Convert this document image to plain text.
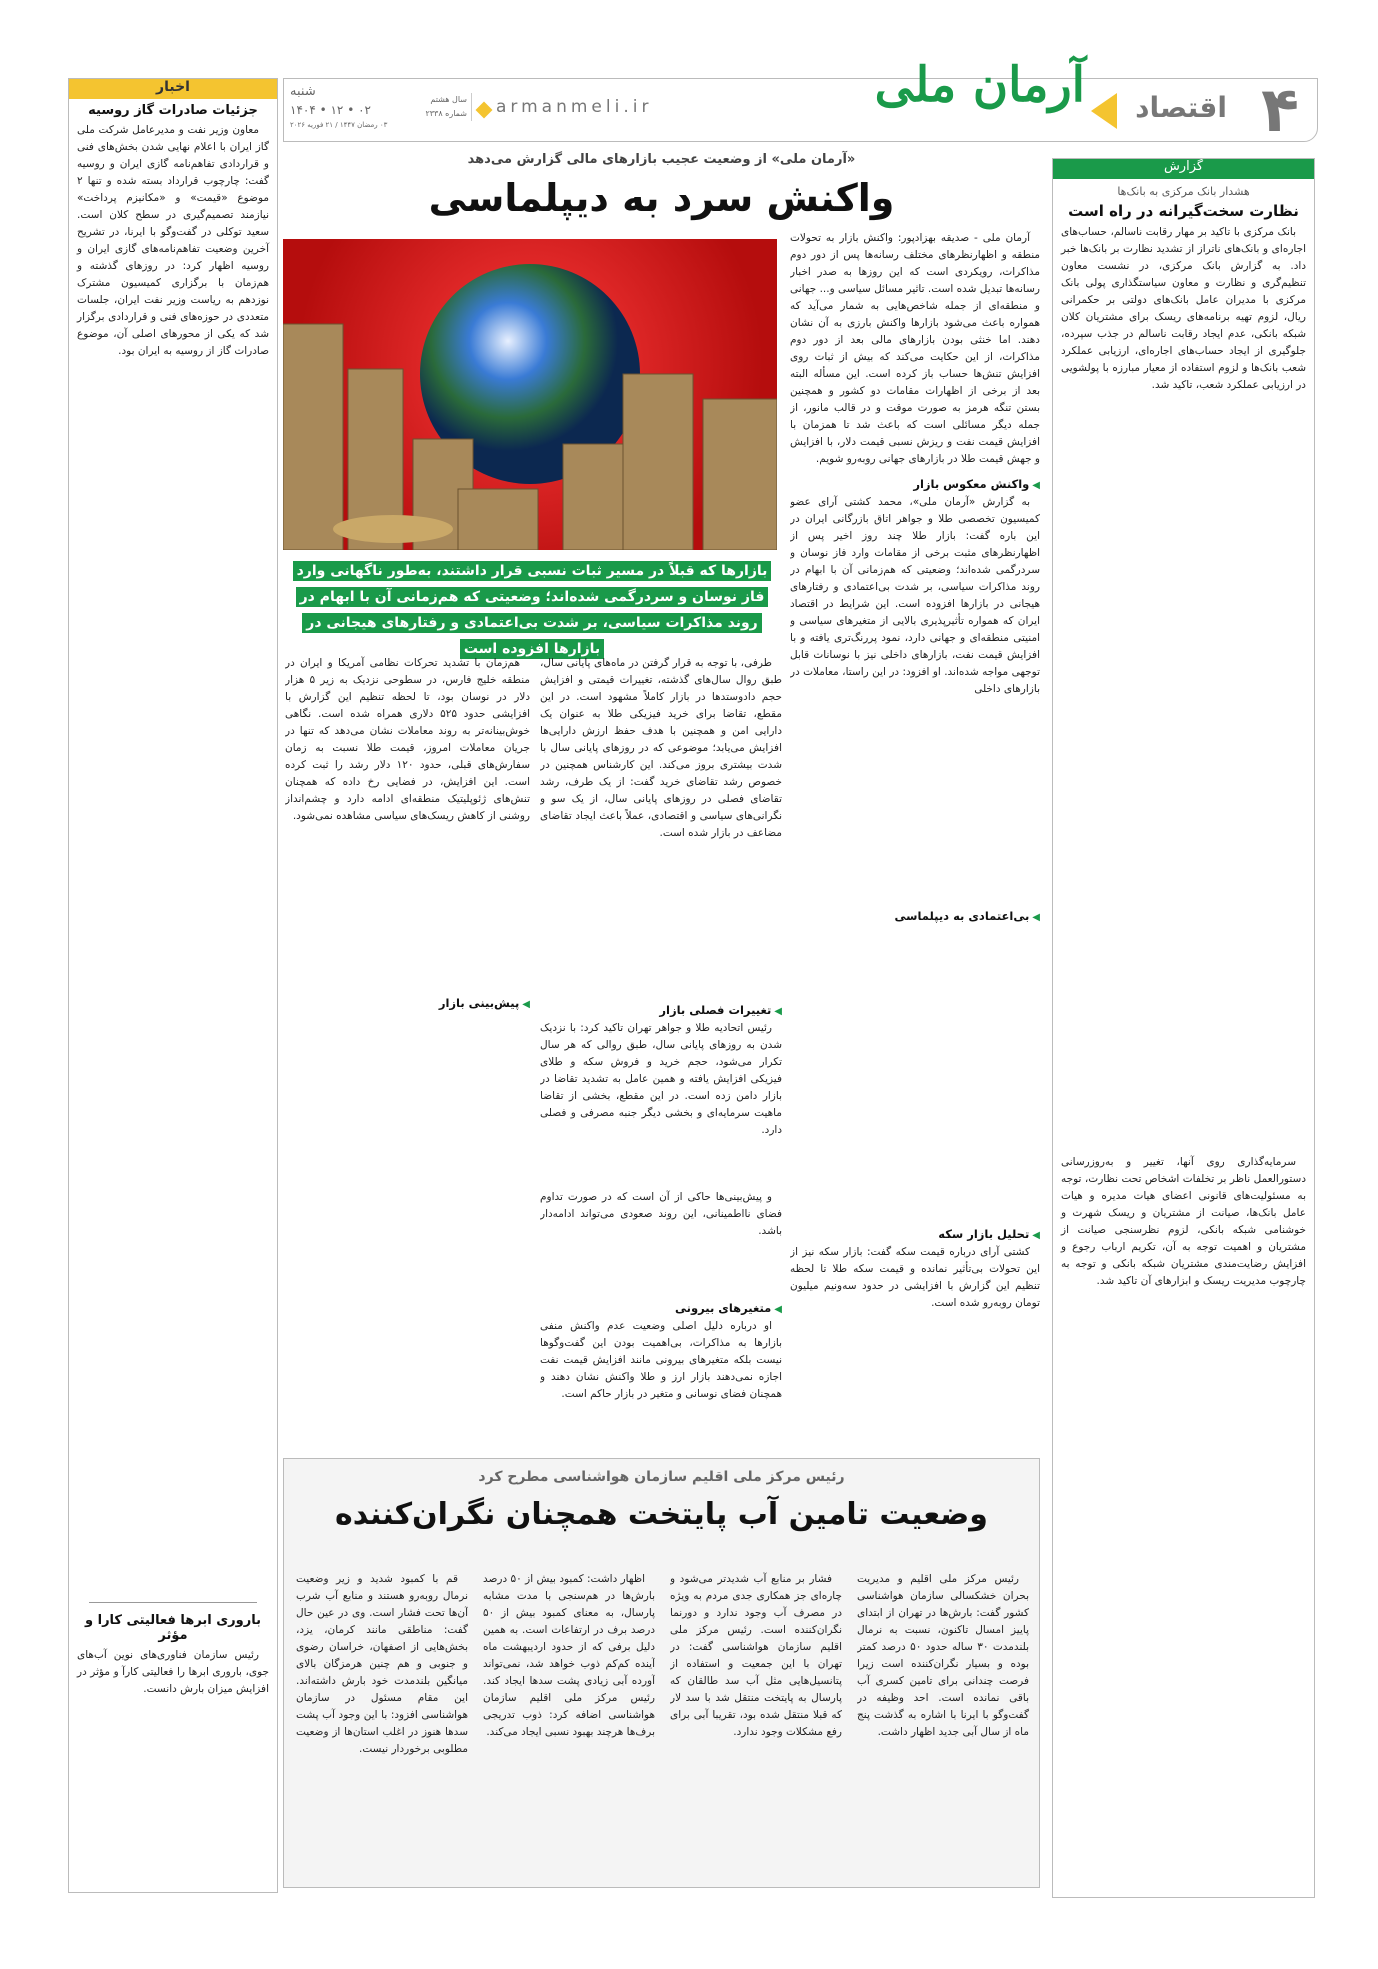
۴
اقتصاد
آرمان ملی
armanmeli.ir
سال هشتم
شماره ۲۳۳۸
شنبه
۱۴۰۴ • ۱۲ • ۰۲
۰۳ رمضان ۱۴۴۷ / ۲۱ فوریه ۲۰۲۶
اخبار
جزئیات صادرات گاز روسیه

معاون وزیر نفت و مدیرعامل شرکت ملی گاز ایران با اعلام نهایی شدن بخش‌های فنی و قراردادی تفاهم‌نامه گازی ایران و روسیه گفت: چارچوب قرارداد بسته شده و تنها ۲ موضوع «قیمت» و «مکانیزم پرداخت» نیازمند تصمیم‌گیری در سطح کلان است. سعید توکلی در گفت‌وگو با ایرنا، در تشریح آخرین وضعیت تفاهم‌نامه‌های گازی ایران و روسیه اظهار کرد: در روزهای گذشته و هم‌زمان با برگزاری کمیسیون مشترک نوزدهم به ریاست وزیر نفت ایران، جلسات متعددی در حوزه‌های فنی و قراردادی برگزار شد که یکی از محورهای اصلی آن، موضوع صادرات گاز از روسیه به ایران بود.

باروری ابرها فعالیتی کارا و مؤثر

رئیس سازمان فناوری‌های نوین آب‌های جوی، باروری ابرها را فعالیتی کارآ و مؤثر در افزایش میزان بارش دانست.

گزارش
هشدار بانک مرکزی به بانک‌ها
نظارت سخت‌گیرانه در راه است

بانک مرکزی با تاکید بر مهار رقابت ناسالم، حساب‌های اجاره‌ای و بانک‌های ناتراز از تشدید نظارت بر بانک‌ها خبر داد. به گزارش بانک مرکزی، در نشست معاون تنظیم‌گری و نظارت و معاون سیاستگذاری پولی بانک مرکزی با مدیران عامل بانک‌های دولتی بر حکمرانی ریال، لزوم تهیه برنامه‌های ریسک برای مشتریان کلان شبکه بانکی، عدم ایجاد رقابت ناسالم در جذب سپرده، جلوگیری از ایجاد حساب‌های اجاره‌ای، ارزیابی عملکرد شعب بانک‌ها و لزوم استفاده از معیار مبارزه با پولشویی در ارزیابی عملکرد شعب، تاکید شد.

سرمایه‌گذاری روی آنها، تغییر و به‌روزرسانی دستورالعمل ناظر بر تخلفات اشخاص تحت نظارت، توجه به مسئولیت‌های قانونی اعضای هیات مدیره و هیات عامل بانک‌ها، صیانت از مشتریان و ریسک شهرت و خوشنامی شبکه بانکی، لزوم نظرسنجی صیانت از مشتریان و اهمیت توجه به آن، تکریم ارباب رجوع و افزایش رضایت‌مندی مشتریان شبکه بانکی و توجه به چارچوب مدیریت ریسک و ابزارهای آن تاکید شد.

«آرمان ملی» از وضعیت عجیب بازارهای مالی گزارش می‌دهد
واکنش سرد به دیپلماسی
بازارها که قبلاً در مسیر ثبات نسبی قرار داشتند، به‌طور ناگهانی وارد فاز نوسان و سردرگمی شده‌اند؛ وضعیتی که هم‌زمانی آن با ابهام در روند مذاکرات سیاسی، بر شدت بی‌اعتمادی و رفتارهای هیجانی در بازارها افزوده است

آرمان ملی - صدیقه بهزادپور: واکنش بازار به تحولات منطقه و اظهارنظرهای مختلف رسانه‌ها پس از دور دوم مذاکرات، رویکردی است که این روزها به صدر اخبار رسانه‌ها تبدیل شده است. تاثیر مسائل سیاسی و... جهانی و منطقه‌ای از جمله شاخص‌هایی به شمار می‌آید که همواره باعث می‌شود بازارها واکنش بارزی به آن نشان دهند. اما خنثی بودن بازارهای مالی بعد از دور دوم مذاکرات، از این حکایت می‌کند که بیش از ثبات روی افزایش تنش‌ها حساب باز کرده است. این مسأله البته بعد از برخی از اظهارات مقامات دو کشور و همچنین بستن تنگه هرمز به صورت موقت و در قالب مانور، از جمله دیگر مسائلی است که باعث شد تا همزمان با افزایش قیمت نفت و ریزش نسبی قیمت دلار، با افزایش و جهش قیمت طلا در بازارهای جهانی روبه‌رو شویم.

◀واکنش معکوس بازار

به گزارش «آرمان ملی»، محمد کشتی آرای عضو کمیسیون تخصصی طلا و جواهر اتاق بازرگانی ایران در این باره گفت: بازار طلا چند روز اخیر پس از اظهارنظرهای مثبت برخی از مقامات وارد فاز نوسان و سردرگمی شده‌اند؛ وضعیتی که هم‌زمانی آن با ابهام در روند مذاکرات سیاسی، بر شدت بی‌اعتمادی و رفتارهای هیجانی در بازارها افزوده است. این شرایط در اقتصاد ایران که همواره تأثیرپذیری بالایی از متغیرهای سیاسی و امنیتی منطقه‌ای و جهانی دارد، نمود پررنگ‌تری یافته و با افزایش قیمت نفت، بازارهای داخلی نیز با نوسانات قابل توجهی مواجه شده‌اند. او افزود: در این راستا، معاملات در بازارهای داخلی

◀بی‌اعتمادی به دیپلماسی
◀تحلیل بازار سکه

کشتی آرای درباره قیمت سکه گفت: بازار سکه نیز از این تحولات بی‌تأثیر نمانده و قیمت سکه طلا تا لحظه تنظیم این گزارش با افزایشی در حدود سه‌ونیم میلیون تومان روبه‌رو شده است.

طرفی، با توجه به قرار گرفتن در ماه‌های پایانی سال، طبق روال سال‌های گذشته، تغییرات قیمتی و افزایش حجم دادوستدها در بازار کاملاً مشهود است. در این مقطع، تقاضا برای خرید فیزیکی طلا به عنوان یک دارایی امن و همچنین با هدف حفظ ارزش دارایی‌ها افزایش می‌یابد؛ موضوعی که در روزهای پایانی سال با شدت بیشتری بروز می‌کند. این کارشناس همچنین در خصوص رشد تقاضای خرید گفت: از یک طرف، رشد تقاضای فصلی در روزهای پایانی سال، از یک سو و نگرانی‌های سیاسی و اقتصادی، عملاً باعث ایجاد تقاضای مضاعف در بازار شده است.

◀تغییرات فصلی بازار

رئیس اتحادیه طلا و جواهر تهران تاکید کرد: با نزدیک شدن به روزهای پایانی سال، طبق روالی که هر سال تکرار می‌شود، حجم خرید و فروش سکه و طلای فیزیکی افزایش یافته و همین عامل به تشدید تقاضا در بازار دامن زده است. در این مقطع، بخشی از تقاضا ماهیت سرمایه‌ای و بخشی دیگر جنبه مصرفی و فصلی دارد.

و پیش‌بینی‌ها حاکی از آن است که در صورت تداوم فضای نااطمینانی، این روند صعودی می‌تواند ادامه‌دار باشد.

◀متغیرهای بیرونی

او درباره دلیل اصلی وضعیت عدم واکنش منفی بازارها به مذاکرات، بی‌اهمیت بودن این گفت‌وگوها نیست بلکه متغیرهای بیرونی مانند افزایش قیمت نفت اجازه نمی‌دهند بازار ارز و طلا واکنش نشان دهند و همچنان فضای نوسانی و متغیر در بازار حاکم است.

هم‌زمان با تشدید تحرکات نظامی آمریکا و ایران در منطقه خلیج فارس، در سطوحی نزدیک به زیر ۵ هزار دلار در نوسان بود، تا لحظه تنظیم این گزارش با افزایشی حدود ۵۲۵ دلاری همراه شده است. نگاهی خوش‌بینانه‌تر به روند معاملات نشان می‌دهد که تنها در جریان معاملات امروز، قیمت طلا نسبت به زمان سفارش‌های قبلی، حدود ۱۲۰ دلار رشد را ثبت کرده است. این افزایش، در فضایی رخ داده که همچنان تنش‌های ژئوپلیتیک منطقه‌ای ادامه دارد و چشم‌انداز روشنی از کاهش ریسک‌های سیاسی مشاهده نمی‌شود.

◀پیش‌بینی بازار
رئیس مرکز ملی اقلیم سازمان هواشناسی مطرح کرد
وضعیت تامین آب پایتخت همچنان نگران‌کننده

رئیس مرکز ملی اقلیم و مدیریت بحران خشکسالی سازمان هواشناسی کشور گفت: بارش‌ها در تهران از ابتدای پاییز امسال تاکنون، نسبت به نرمال بلندمدت ۳۰ ساله حدود ۵۰ درصد کمتر بوده و بسیار نگران‌کننده است زیرا فرصت چندانی برای تامین کسری آب باقی نمانده است. احد وظیفه در گفت‌وگو با ایرنا با اشاره به گذشت پنج ماه از سال آبی جدید اظهار داشت.

فشار بر منابع آب شدیدتر می‌شود و چاره‌ای جز همکاری جدی مردم به ویژه در مصرف آب وجود ندارد و دورنما نگران‌کننده است. رئیس مرکز ملی اقلیم سازمان هواشناسی گفت: در تهران با این جمعیت و استفاده از پتانسیل‌هایی مثل آب سد طالقان که پارسال به پایتخت منتقل شد با سد لار که قبلا منتقل شده بود، تقریبا آبی برای رفع مشکلات وجود ندارد.

اظهار داشت: کمبود بیش از ۵۰ درصد بارش‌ها در هم‌سنجی با مدت مشابه پارسال، به معنای کمبود بیش از ۵۰ درصد برف در ارتفاعات است. به همین دلیل برفی که از حدود اردیبهشت ماه آینده کم‌کم ذوب خواهد شد، نمی‌تواند آورده آبی زیادی پشت سدها ایجاد کند. رئیس مرکز ملی اقلیم سازمان هواشناسی اضافه کرد: ذوب تدریجی برف‌ها هرچند بهبود نسبی ایجاد می‌کند.

قم با کمبود شدید و زیر وضعیت نرمال روبه‌رو هستند و منابع آب شرب آن‌ها تحت فشار است. وی در عین حال گفت: مناطقی مانند کرمان، یزد، بخش‌هایی از اصفهان، خراسان رضوی و جنوبی و هم چنین هرمزگان بالای میانگین بلندمدت خود بارش داشته‌اند. این مقام مسئول در سازمان هواشناسی افزود: با این وجود آب پشت سدها هنوز در اغلب استان‌ها از وضعیت مطلوبی برخوردار نیست.
